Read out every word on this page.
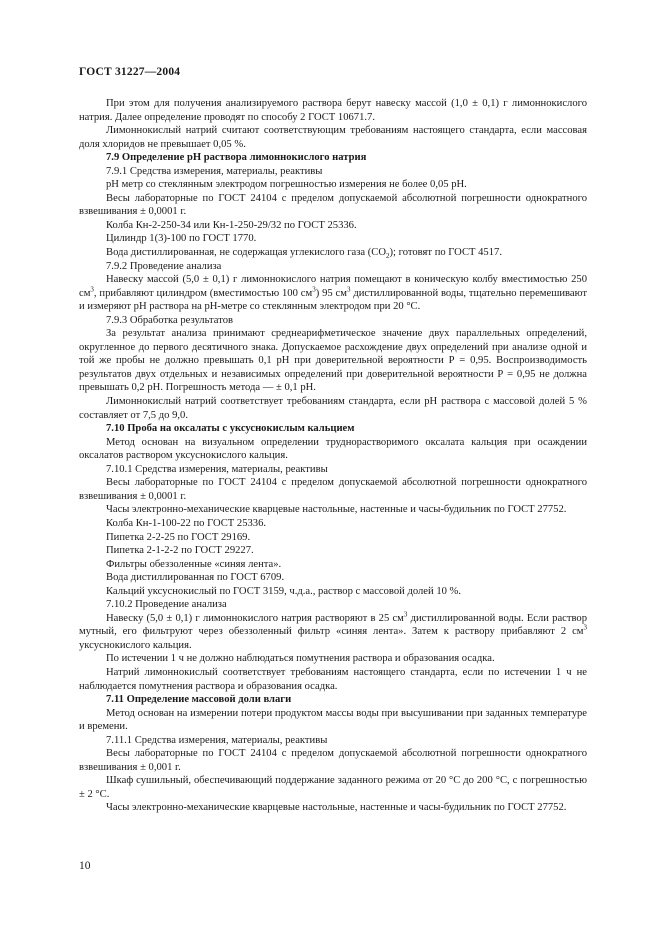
ГОСТ 31227—2004

При этом для получения анализируемого раствора берут навеску массой (1,0 ± 0,1) г лимоннокислого натрия. Далее определение проводят по способу 2 ГОСТ 10671.7.

Лимоннокислый натрий считают соответствующим требованиям настоящего стандарта, если массовая доля хлоридов не превышает 0,05 %.

7.9 Определение рН раствора лимоннокислого натрия

7.9.1 Средства измерения, материалы, реактивы

рН метр со стеклянным электродом погрешностью измерения не более 0,05 рН.

Весы лабораторные по ГОСТ 24104 с пределом допускаемой абсолютной погрешности однократного взвешивания ± 0,0001 г.

Колба Кн-2-250-34 или Кн-1-250-29/32 по ГОСТ 25336.

Цилиндр 1(3)-100 по ГОСТ 1770.

Вода дистиллированная, не содержащая углекислого газа $(СО_2)$; готовят по ГОСТ 4517.

7.9.2 Проведение анализа

Навеску массой (5,0 ± 0,1) г лимоннокислого натрия помещают в коническую колбу вместимостью 250 $см^3$, прибавляют цилиндром (вместимостью 100 $см^3$) 95 $см^3$ дистиллированной воды, тщательно перемешивают и измеряют рН раствора на рН-метре со стеклянным электродом при 20 °С.

7.9.3 Обработка результатов

За результат анализа принимают среднеарифметическое значение двух параллельных определений, округленное до первого десятичного знака. Допускаемое расхождение двух определений при анализе одной и той же пробы не должно превышать 0,1 рН при доверительной вероятности Р = 0,95. Воспроизводимость результатов двух отдельных и независимых определений при доверительной вероятности Р = 0,95 не должна превышать 0,2 рН. Погрешность метода — ± 0,1 рН.

Лимоннокислый натрий соответствует требованиям стандарта, если рН раствора с массовой долей 5 % составляет от 7,5 до 9,0.

7.10 Проба на оксалаты с уксуснокислым кальцием

Метод основан на визуальном определении труднорастворимого оксалата кальция при осаждении оксалатов раствором уксуснокислого кальция.

7.10.1 Средства измерения, материалы, реактивы

Весы лабораторные по ГОСТ 24104 с пределом допускаемой абсолютной погрешности однократного взвешивания ± 0,0001 г.

Часы электронно-механические кварцевые настольные, настенные и часы-будильник по ГОСТ 27752.

Колба Кн-1-100-22 по ГОСТ 25336.

Пипетка 2-2-25 по ГОСТ 29169.

Пипетка 2-1-2-2 по ГОСТ 29227.

Фильтры обеззоленные «синяя лента».

Вода дистиллированная по ГОСТ 6709.

Кальций уксуснокислый по ГОСТ 3159, ч.д.а., раствор с массовой долей 10 %.

7.10.2 Проведение анализа

Навеску (5,0 ± 0,1) г лимоннокислого натрия растворяют в 25 $см^3$ дистиллированной воды. Если раствор мутный, его фильтруют через обеззоленный фильтр «синяя лента». Затем к раствору прибавляют 2 $см^3$ уксуснокислого кальция.

По истечении 1 ч не должно наблюдаться помутнения раствора и образования осадка.

Натрий лимоннокислый соответствует требованиям настоящего стандарта, если по истечении 1 ч не наблюдается помутнения раствора и образования осадка.

7.11 Определение массовой доли влаги

Метод основан на измерении потери продуктом массы воды при высушивании при заданных температуре и времени.

7.11.1 Средства измерения, материалы, реактивы

Весы лабораторные по ГОСТ 24104 с пределом допускаемой абсолютной погрешности однократного взвешивания ± 0,001 г.

Шкаф сушильный, обеспечивающий поддержание заданного режима от 20 °С до 200 °С, с погрешностью ± 2 °С.

Часы электронно-механические кварцевые настольные, настенные и часы-будильник по ГОСТ 27752.

10
